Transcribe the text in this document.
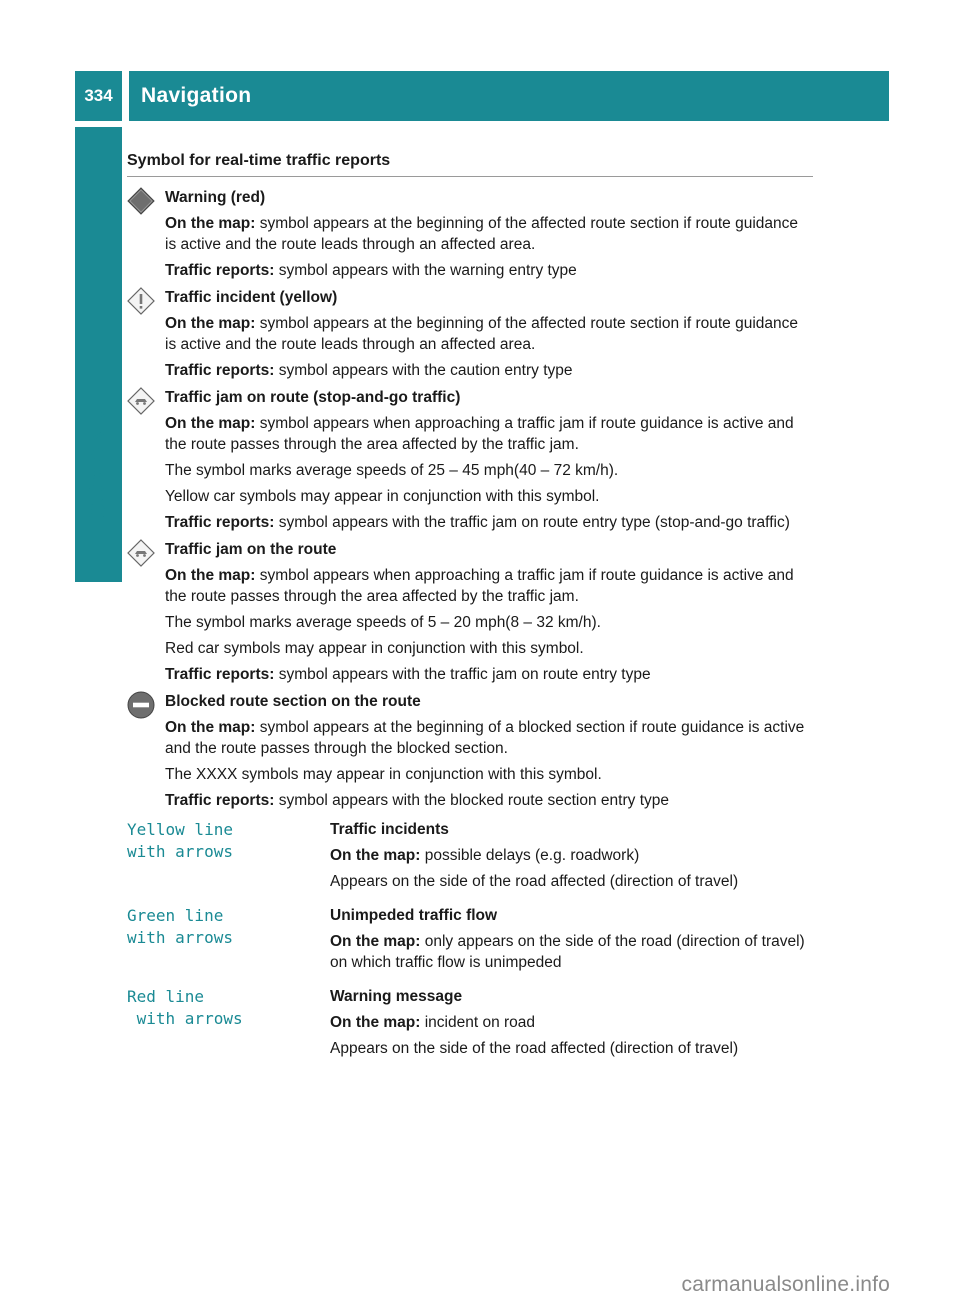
334	Navigation
COMAND
Symbol for real-time traffic reports
Warning (red)
On the map: symbol appears at the beginning of the affected route section if route guidance is active and the route leads through an affected area.
Traffic reports: symbol appears with the warning entry type
Traffic incident (yellow)
On the map: symbol appears at the beginning of the affected route section if route guidance is active and the route leads through an affected area.
Traffic reports: symbol appears with the caution entry type
Traffic jam on route (stop-and-go traffic)
On the map: symbol appears when approaching a traffic jam if route guidance is active and the route passes through the area affected by the traffic jam.
The symbol marks average speeds of 25 – 45 mph(40 – 72 km/h).
Yellow car symbols may appear in conjunction with this symbol.
Traffic reports: symbol appears with the traffic jam on route entry type (stop-and-go traffic)
Traffic jam on the route
On the map: symbol appears when approaching a traffic jam if route guidance is active and the route passes through the area affected by the traffic jam.
The symbol marks average speeds of 5 – 20 mph(8 – 32 km/h).
Red car symbols may appear in conjunction with this symbol.
Traffic reports: symbol appears with the traffic jam on route entry type
Blocked route section on the route
On the map: symbol appears at the beginning of a blocked section if route guidance is active and the route passes through the blocked section.
The XXXX symbols may appear in conjunction with this symbol.
Traffic reports: symbol appears with the blocked route section entry type
Yellow line
with arrows
Traffic incidents
On the map: possible delays (e.g. roadwork)
Appears on the side of the road affected (direction of travel)
Green line
with arrows
Unimpeded traffic flow
On the map: only appears on the side of the road (direction of travel) on which traffic flow is unimpeded
Red line
with arrows
Warning message
On the map: incident on road
Appears on the side of the road affected (direction of travel)
carmanualsonline.info
